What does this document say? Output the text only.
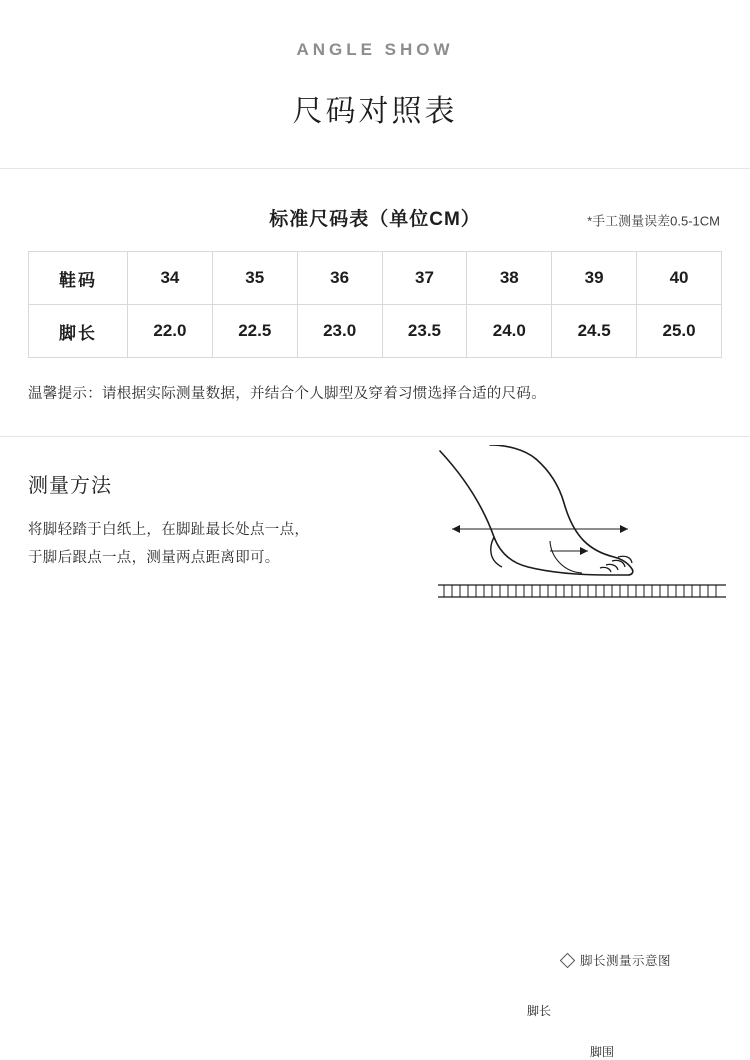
ANGLE SHOW
尺码对照表
标准尺码表（单位CM）	*手工测量误差0.5-1CM
鞋码	34	35	36	37	38	39	40
脚长	22.0	22.5	23.0	23.5	24.0	24.5	25.0
温馨提示：请根据实际测量数据，并结合个人脚型及穿着习惯选择合适的尺码。
测量方法
将脚轻踏于白纸上，在脚趾最长处点一点，
于脚后跟点一点，测量两点距离即可。
脚长测量示意图
脚长
脚围
